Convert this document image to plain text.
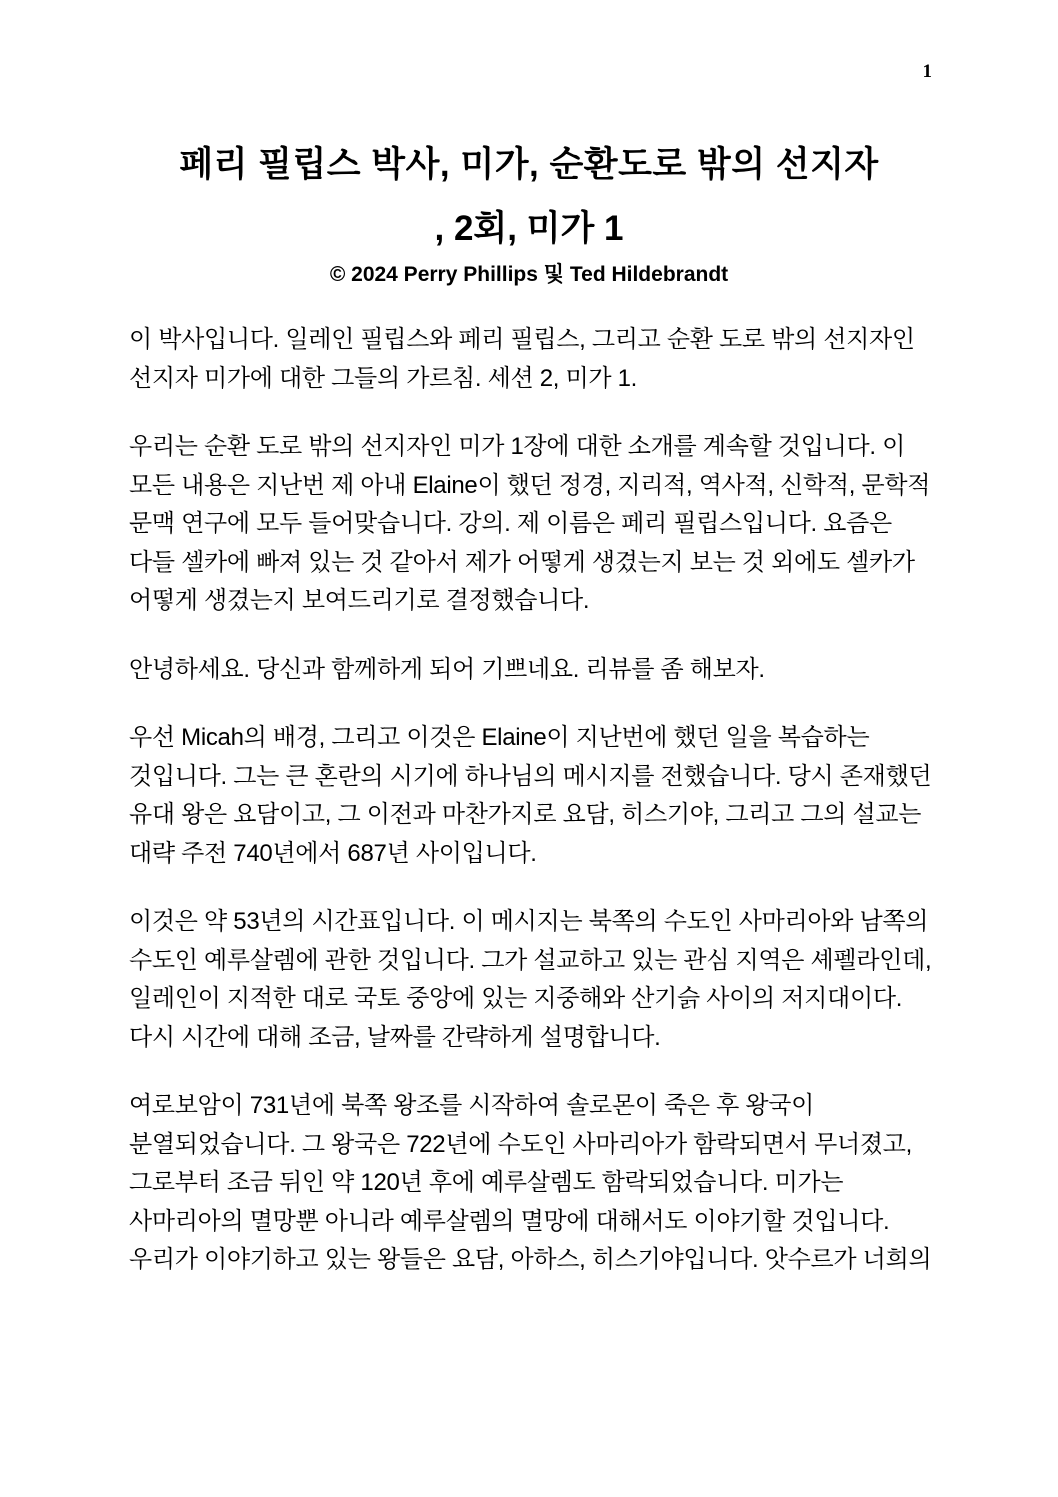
1
페리 필립스 박사, 미가, 순환도로 밖의 선지자
, 2회, 미가 1
© 2024 Perry Phillips 및 Ted Hildebrandt
이 박사입니다. 일레인 필립스와 페리 필립스, 그리고 순환 도로 밖의 선지자인
선지자 미가에 대한 그들의 가르침. 세션 2, 미가 1.
우리는 순환 도로 밖의 선지자인 미가 1장에 대한 소개를 계속할 것입니다. 이
모든 내용은 지난번 제 아내 Elaine이 했던 정경, 지리적, 역사적, 신학적, 문학적
문맥 연구에 모두 들어맞습니다. 강의. 제 이름은 페리 필립스입니다. 요즘은
다들 셀카에 빠져 있는 것 같아서 제가 어떻게 생겼는지 보는 것 외에도 셀카가
어떻게 생겼는지 보여드리기로 결정했습니다.
안녕하세요. 당신과 함께하게 되어 기쁘네요. 리뷰를 좀 해보자.
우선 Micah의 배경, 그리고 이것은 Elaine이 지난번에 했던 일을 복습하는
것입니다. 그는 큰 혼란의 시기에 하나님의 메시지를 전했습니다. 당시 존재했던
유대 왕은 요담이고, 그 이전과 마찬가지로 요담, 히스기야, 그리고 그의 설교는
대략 주전 740년에서 687년 사이입니다.
이것은 약 53년의 시간표입니다. 이 메시지는 북쪽의 수도인 사마리아와 남쪽의
수도인 예루살렘에 관한 것입니다. 그가 설교하고 있는 관심 지역은 셰펠라인데,
일레인이 지적한 대로 국토 중앙에 있는 지중해와 산기슭 사이의 저지대이다.
다시 시간에 대해 조금, 날짜를 간략하게 설명합니다.
여로보암이 731년에 북쪽 왕조를 시작하여 솔로몬이 죽은 후 왕국이
분열되었습니다. 그 왕국은 722년에 수도인 사마리아가 함락되면서 무너졌고,
그로부터 조금 뒤인 약 120년 후에 예루살렘도 함락되었습니다. 미가는
사마리아의 멸망뿐 아니라 예루살렘의 멸망에 대해서도 이야기할 것입니다.
우리가 이야기하고 있는 왕들은 요담, 아하스, 히스기야입니다. 앗수르가 너희의
